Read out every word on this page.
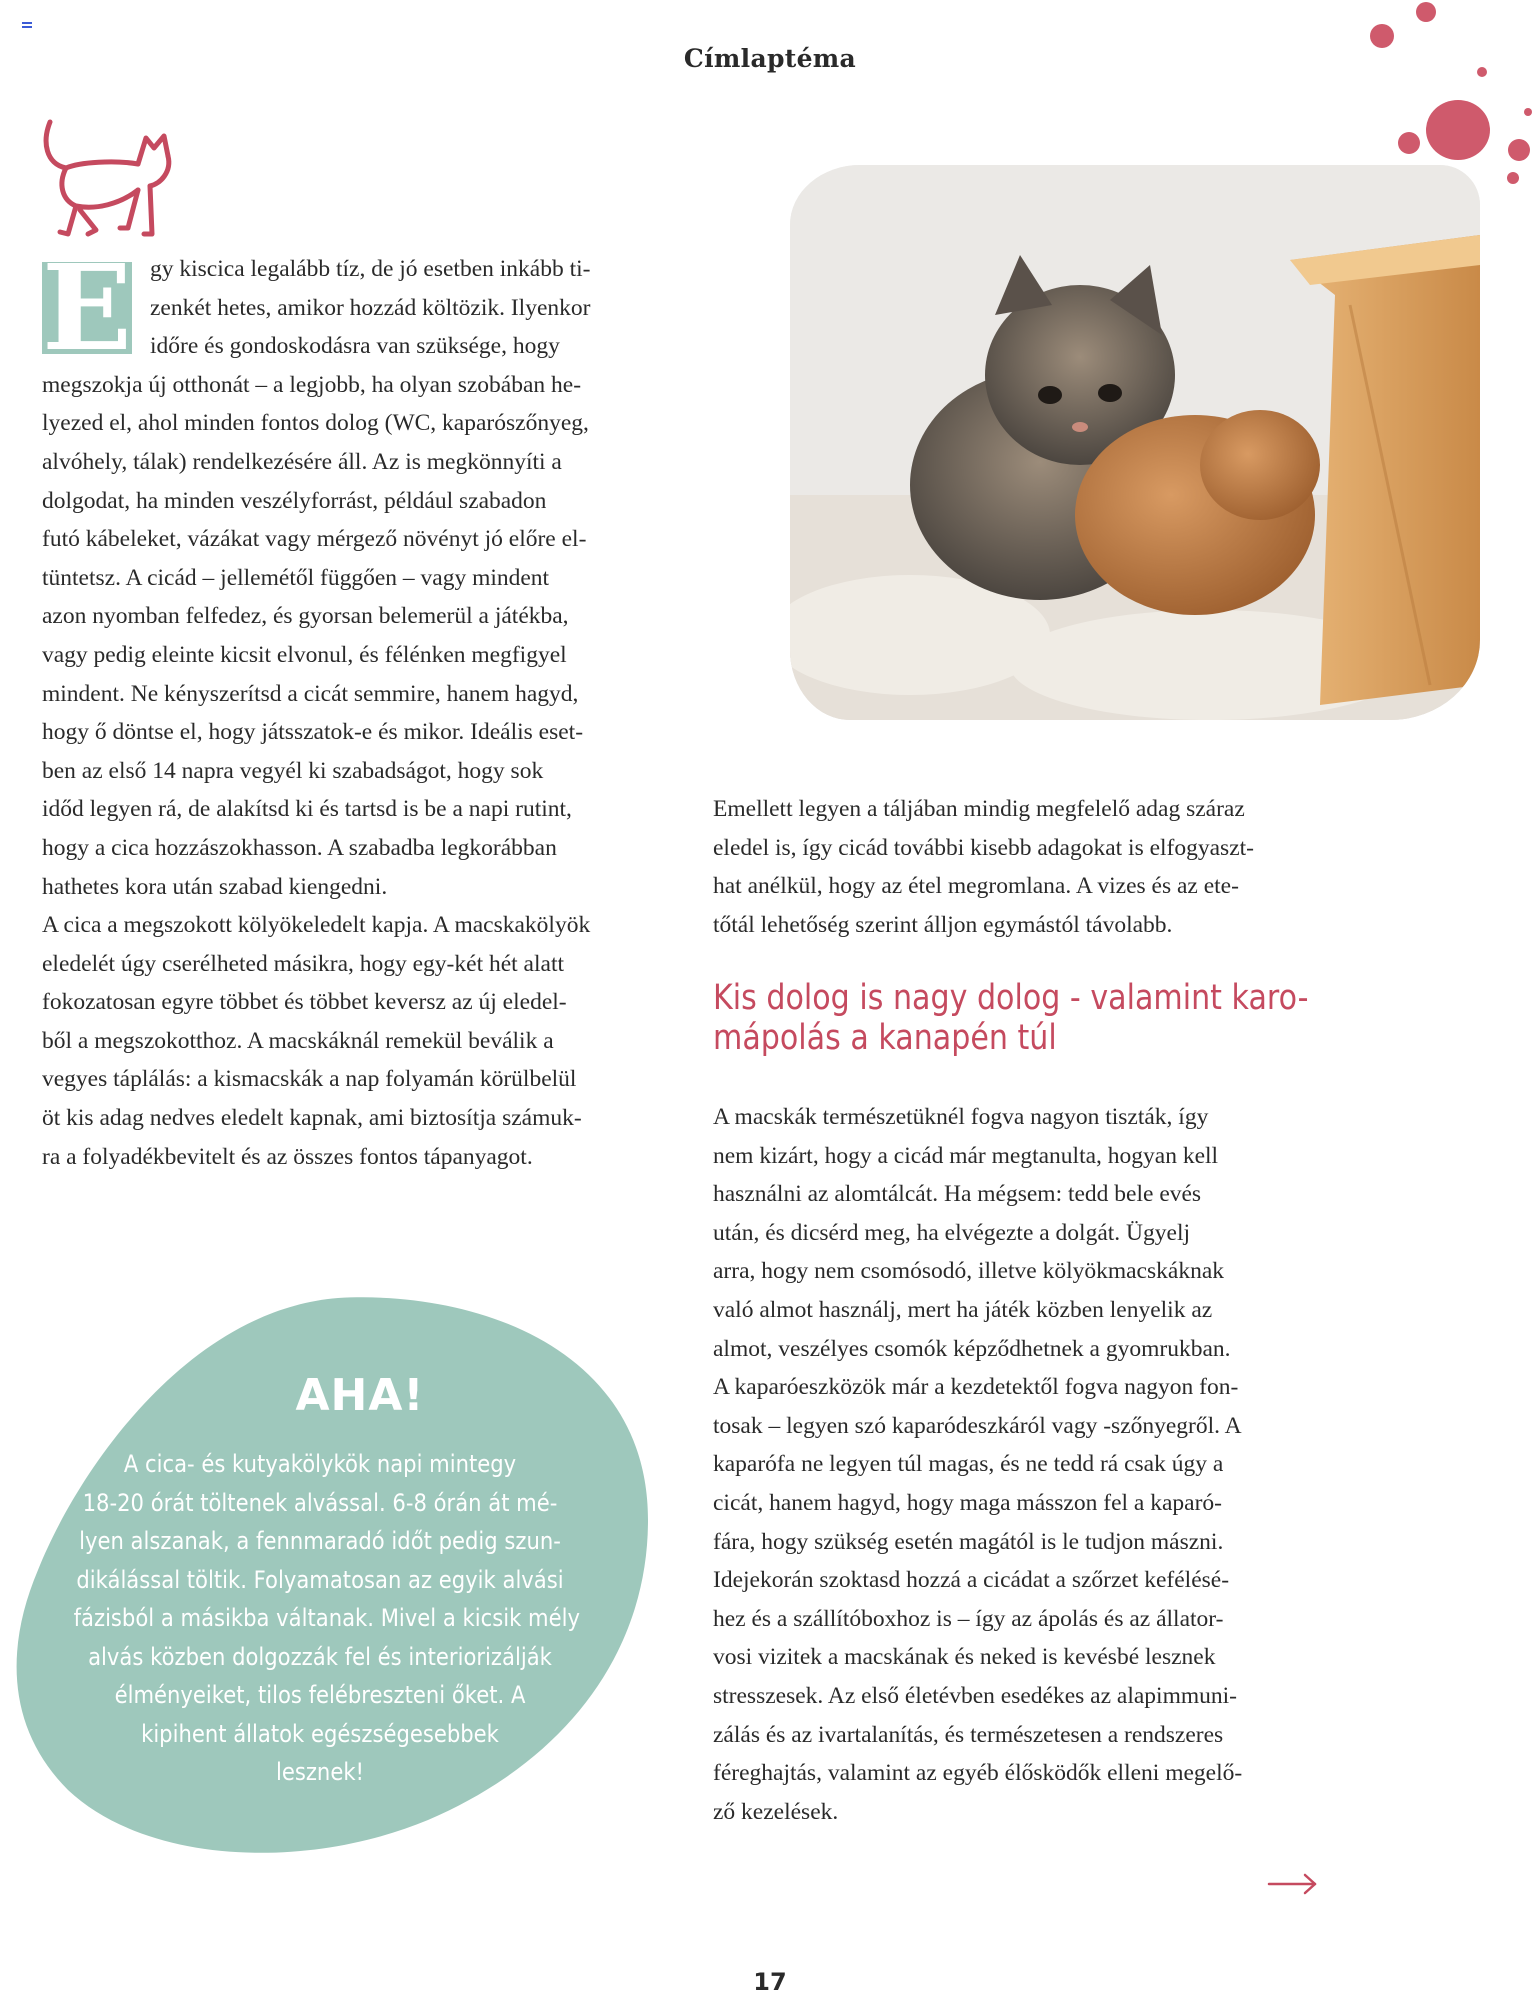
Címlaptéma
E gy kiscica legalább tíz, de jó esetben inkább ti-
zenkét hetes, amikor hozzád költözik. Ilyenkor
időre és gondoskodásra van szüksége, hogy
megszokja új otthonát – a legjobb, ha olyan szobában he-
lyezed el, ahol minden fontos dolog (WC, kaparószőnyeg,
alvóhely, tálak) rendelkezésére áll. Az is megkönnyíti a
dolgodat, ha minden veszélyforrást, például szabadon
futó kábeleket, vázákat vagy mérgező növényt jó előre el-
tüntetsz. A cicád – jellemétől függően – vagy mindent
azon nyomban felfedez, és gyorsan belemerül a játékba,
vagy pedig eleinte kicsit elvonul, és félénken megfigyel
mindent. Ne kényszerítsd a cicát semmire, hanem hagyd,
hogy ő döntse el, hogy játsszatok-e és mikor. Ideális eset-
ben az első 14 napra vegyél ki szabadságot, hogy sok
időd legyen rá, de alakítsd ki és tartsd is be a napi rutint,
hogy a cica hozzászokhasson. A szabadba legkorábban
hathetes kora után szabad kiengedni.
A cica a megszokott kölyökeledelt kapja. A macskakölyök
eledelét úgy cserélheted másikra, hogy egy-két hét alatt
fokozatosan egyre többet és többet keversz az új eledel-
ből a megszokotthoz. A macskáknál remekül beválik a
vegyes táplálás: a kismacskák a nap folyamán körülbelül
öt kis adag nedves eledelt kapnak, ami biztosítja számuk-
ra a folyadékbevitelt és az összes fontos tápanyagot.
Emellett legyen a táljában mindig megfelelő adag száraz
eledel is, így cicád további kisebb adagokat is elfogyaszt-
hat anélkül, hogy az étel megromlana. A vizes és az ete-
tőtál lehetőség szerint álljon egymástól távolabb.
Kis dolog is nagy dolog - valamint karo-
mápolás a kanapén túl
A macskák természetüknél fogva nagyon tiszták, így
nem kizárt, hogy a cicád már megtanulta, hogyan kell
használni az alomtálcát. Ha mégsem: tedd bele evés
után, és dicsérd meg, ha elvégezte a dolgát. Ügyelj
arra, hogy nem csomósodó, illetve kölyökmacskáknak
való almot használj, mert ha játék közben lenyelik az
almot, veszélyes csomók képződhetnek a gyomrukban.
A kaparóeszközök már a kezdetektől fogva nagyon fon-
tosak – legyen szó kaparódeszkáról vagy -szőnyegről. A
kaparófa ne legyen túl magas, és ne tedd rá csak úgy a
cicát, hanem hagyd, hogy maga másszon fel a kaparó-
fára, hogy szükség esetén magától is le tudjon mászni.
Idejekorán szoktasd hozzá a cicádat a szőrzet kefélésé-
hez és a szállítóboxhoz is – így az ápolás és az állator-
vosi vizitek a macskának és neked is kevésbé lesznek
stresszesek. Az első életévben esedékes az alapimmuni-
zálás és az ivartalanítás, és természetesen a rendszeres
féreghajtás, valamint az egyéb élősködők elleni megelő-
ző kezelések.
AHA!
A cica- és kutyakölykök napi mintegy
18-20 órát töltenek alvással. 6-8 órán át mé-
lyen alszanak, a fennmaradó időt pedig szun-
dikálással töltik. Folyamatosan az egyik alvási
fázisból a másikba váltanak. Mivel a kicsik mély
alvás közben dolgozzák fel és interiorizálják
élményeiket, tilos felébreszteni őket. A
kipihent állatok egészségesebbek
lesznek!
17
